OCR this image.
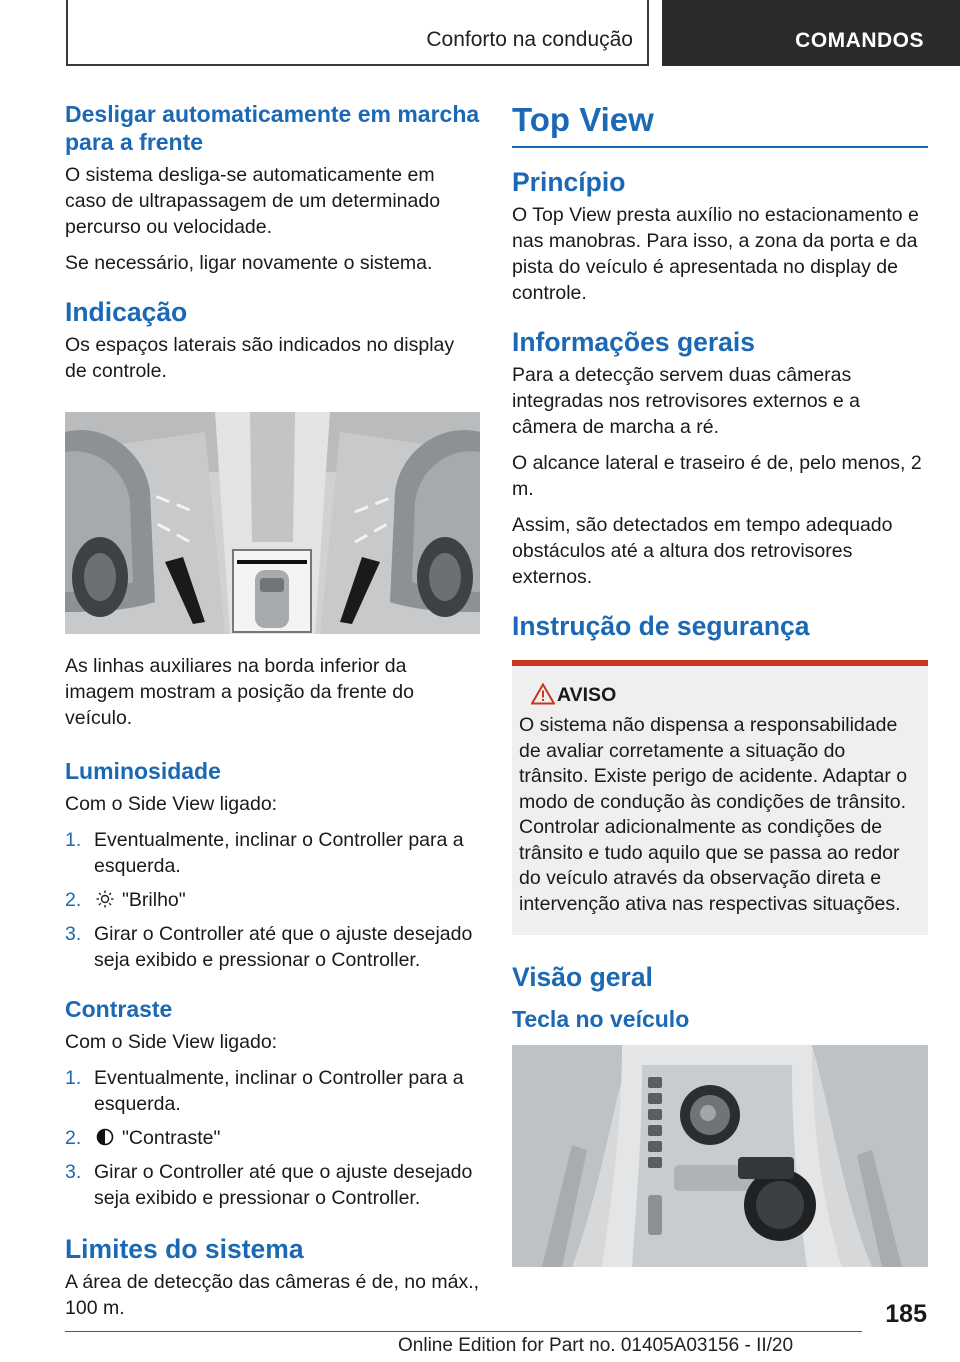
Conforto na condução	COMANDOS
Desligar automaticamente em marcha para a frente

O sistema desliga-se automaticamente em caso de ultrapassagem de um determinado percurso ou velocidade.

Se necessário, ligar novamente o sistema.

Indicação

Os espaços laterais são indicados no display de controle.

As linhas auxiliares na borda inferior da imagem mostram a posição da frente do veículo.

Luminosidade

Com o Side View ligado:

1. Eventualmente, inclinar o Controller para a esquerda.
2. "Brilho"
3. Girar o Controller até que o ajuste desejado seja exibido e pressionar o Controller.
Contraste

Com o Side View ligado:

1. Eventualmente, inclinar o Controller para a esquerda.
2. "Contraste"
3. Girar o Controller até que o ajuste desejado seja exibido e pressionar o Controller.
Limites do sistema

A área de detecção das câmeras é de, no máx., 100 m.

Top View
Princípio

O Top View presta auxílio no estacionamento e nas manobras. Para isso, a zona da porta e da pista do veículo é apresentada no display de controle.

Informações gerais

Para a detecção servem duas câmeras integradas nos retrovisores externos e a câmera de marcha a ré.

O alcance lateral e traseiro é de, pelo menos, 2 m.

Assim, são detectados em tempo adequado obstáculos até a altura dos retrovisores externos.

Instrução de segurança
AVISO

O sistema não dispensa a responsabilidade de avaliar corretamente a situação do trânsito. Existe perigo de acidente. Adaptar o modo de condução às condições de trânsito. Controlar adicionalmente as condições de trânsito e tudo aquilo que se passa ao redor do veículo através da observação direta e intervenção ativa nas respectivas situações.

Visão geral
Tecla no veículo
185
Online Edition for Part no. 01405A03156 - II/20
